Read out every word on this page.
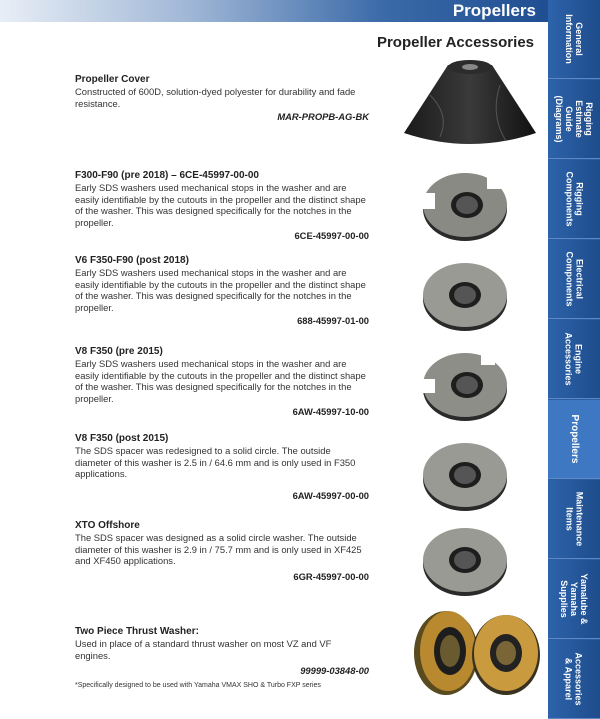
Propellers
Propeller Accessories	General Information
Rigging Estimate Guide (Diagrams)
Rigging Components
Electrical Components
Engine Accessories
Propellers
Maintenance Items
Yamalube & Yamaha Supplies
Accessories & Apparel
Propeller Cover

Constructed of 600D, solution-dyed polyester for durability and fade resistance.

MAR-PROPB-AG-BK
F300-F90 (pre 2018) – 6CE-45997-00-00

Early SDS washers used mechanical stops in the washer and are easily identifiable by the cutouts in the propeller and the distinct shape of the washer. This was designed specifically for the notches in the propeller.

6CE-45997-00-00
V6 F350-F90 (post 2018)

Early SDS washers used mechanical stops in the washer and are easily identifiable by the cutouts in the propeller and the distinct shape of the washer. This was designed specifically for the notches in the propeller.

688-45997-01-00
V8 F350 (pre 2015)

Early SDS washers used mechanical stops in the washer and are easily identifiable by the cutouts in the propeller and the distinct shape of the washer. This was designed specifically for the notches in the propeller.

6AW-45997-10-00
V8 F350 (post 2015)

The SDS spacer was redesigned to a solid circle. The outside diameter of this washer is 2.5 in / 64.6 mm and is only used in F350 applications.

6AW-45997-00-00
XTO Offshore

The SDS spacer was designed as a solid circle washer. The outside diameter of this washer is 2.9 in / 75.7 mm and is only used in XF425 and XF450 applications.

6GR-45997-00-00
Two Piece Thrust Washer:

Used in place of a standard thrust washer on most VZ and VF engines.

99999-03848-00
*Specifically designed to be used with Yamaha VMAX SHO & Turbo FXP series
